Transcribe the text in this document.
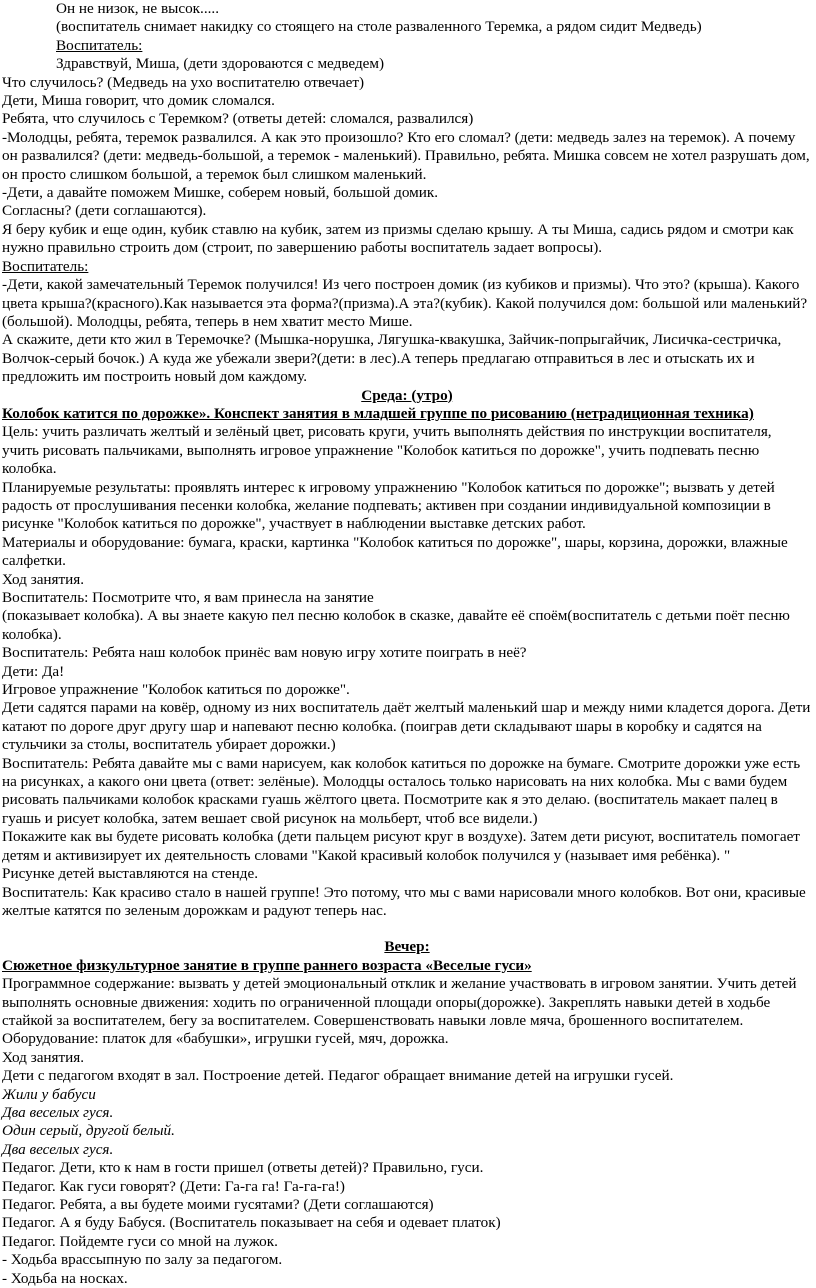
Он не низок, не высок.....

(воспитатель снимает накидку со стоящего на столе разваленного Теремка, а рядом сидит Медведь)

Воспитатель:

Здравствуй, Миша, (дети здороваются с медведем)

Что случилось? (Медведь на ухо воспитателю отвечает)

Дети, Миша говорит, что домик сломался.

Ребята, что случилось с Теремком? (ответы детей: сломался, развалился)

-Молодцы, ребята, теремок развалился. А как это произошло? Кто его сломал? (дети: медведь залез на теремок). А почему он развалился? (дети: медведь-большой, а теремок - маленький). Правильно, ребята. Мишка совсем не хотел разрушать дом, он просто слишком большой, а теремок был слишком маленький.

-Дети, а давайте поможем Мишке, соберем новый, большой домик.

Согласны? (дети соглашаются).

Я беру кубик и еще один, кубик ставлю на кубик, затем из призмы сделаю крышу. А ты Миша, садись рядом и смотри как нужно правильно строить дом (строит, по завершению работы воспитатель задает вопросы).

Воспитатель:

-Дети, какой замечательный Теремок получился! Из чего построен домик (из кубиков и призмы). Что это? (крыша). Какого цвета крыша?(красного).Как называется эта форма?(призма).А эта?(кубик). Какой получился дом: большой или маленький? (большой). Молодцы, ребята, теперь в нем хватит место Мише.

А скажите, дети кто жил в Теремочке? (Мышка-норушка, Лягушка-квакушка, Зайчик-попрыгайчик, Лисичка-сестричка, Волчок-серый бочок.) А куда же убежали звери?(дети: в лес).А теперь предлагаю отправиться в лес и отыскать их и предложить им построить новый дом каждому.

Среда: (утро)

Колобок катится по дорожке». Конспект занятия в младшей группе по рисованию (нетрадиционная техника)

Цель: учить различать желтый и зелёный цвет, рисовать круги, учить выполнять действия по инструкции воспитателя, учить рисовать пальчиками, выполнять игровое упражнение "Колобок катиться по дорожке", учить подпевать песню колобка.

Планируемые результаты: проявлять интерес к игровому упражнению "Колобок катиться по дорожке"; вызвать у детей радость от прослушивания песенки колобка, желание подпевать; активен при создании индивидуальной композиции в рисунке "Колобок катиться по дорожке", участвует в наблюдении выставке детских работ.

Материалы и оборудование: бумага, краски, картинка "Колобок катиться по дорожке", шары, корзина, дорожки, влажные салфетки.

Ход занятия.

Воспитатель: Посмотрите что, я вам принесла на занятие

(показывает колобка). А вы знаете какую пел песню колобок в сказке, давайте её споём(воспитатель с детьми поёт песню колобка).

Воспитатель: Ребята наш колобок принёс вам новую игру хотите поиграть в неё?

Дети: Да!

Игровое упражнение "Колобок катиться по дорожке".

Дети садятся парами на ковёр, одному из них воспитатель даёт желтый маленький шар и между ними кладется дорога. Дети катают по дороге друг другу шар и напевают песню колобка. (поиграв дети складывают шары в коробку и садятся на стульчики за столы, воспитатель убирает дорожки.)

Воспитатель: Ребята давайте мы с вами нарисуем, как колобок катиться по дорожке на бумаге. Смотрите дорожки уже есть на рисунках, а какого они цвета (ответ: зелёные). Молодцы осталось только нарисовать на них колобка. Мы с вами будем рисовать пальчиками колобок красками гуашь жёлтого цвета. Посмотрите как я это делаю. (воспитатель макает палец в гуашь и рисует колобка, затем вешает свой рисунок на мольберт, чтоб все видели.)

Покажите как вы будете рисовать колобка (дети пальцем рисуют круг в воздухе). Затем дети рисуют, воспитатель помогает детям и активизирует их деятельность словами "Какой красивый колобок получился у (называет имя ребёнка). "

Рисунке детей выставляются на стенде.

Воспитатель: Как красиво стало в нашей группе! Это потому, что мы с вами нарисовали много колобков. Вот они, красивые желтые катятся по зеленым дорожкам и радуют теперь нас.

Вечер:

Сюжетное физкультурное занятие в группе раннего возраста «Веселые гуси»

Программное содержание: вызвать у детей эмоциональный отклик и желание участвовать в игровом занятии. Учить детей выполнять основные движения: ходить по ограниченной площади опоры(дорожке). Закреплять навыки детей в ходьбе стайкой за воспитателем, бегу за воспитателем. Совершенствовать навыки ловле мяча, брошенного воспитателем.

Оборудование: платок для «бабушки», игрушки гусей, мяч, дорожка.

Ход занятия.

Дети с педагогом входят в зал. Построение детей. Педагог обращает внимание детей на игрушки гусей.

Жили у бабуси

Два веселых гуся.

Один серый, другой белый.

Два веселых гуся.

Педагог. Дети, кто к нам в гости пришел (ответы детей)? Правильно, гуси.

Педагог. Как гуси говорят? (Дети: Га-га га! Га-га-га!)

Педагог. Ребята, а вы будете моими гусятами? (Дети соглашаются)

Педагог. А я буду Бабуся. (Воспитатель показывает на себя и одевает платок)

Педагог. Пойдемте гуси со мной на лужок.

- Ходьба врассыпную по залу за педагогом.

- Ходьба на носках.
